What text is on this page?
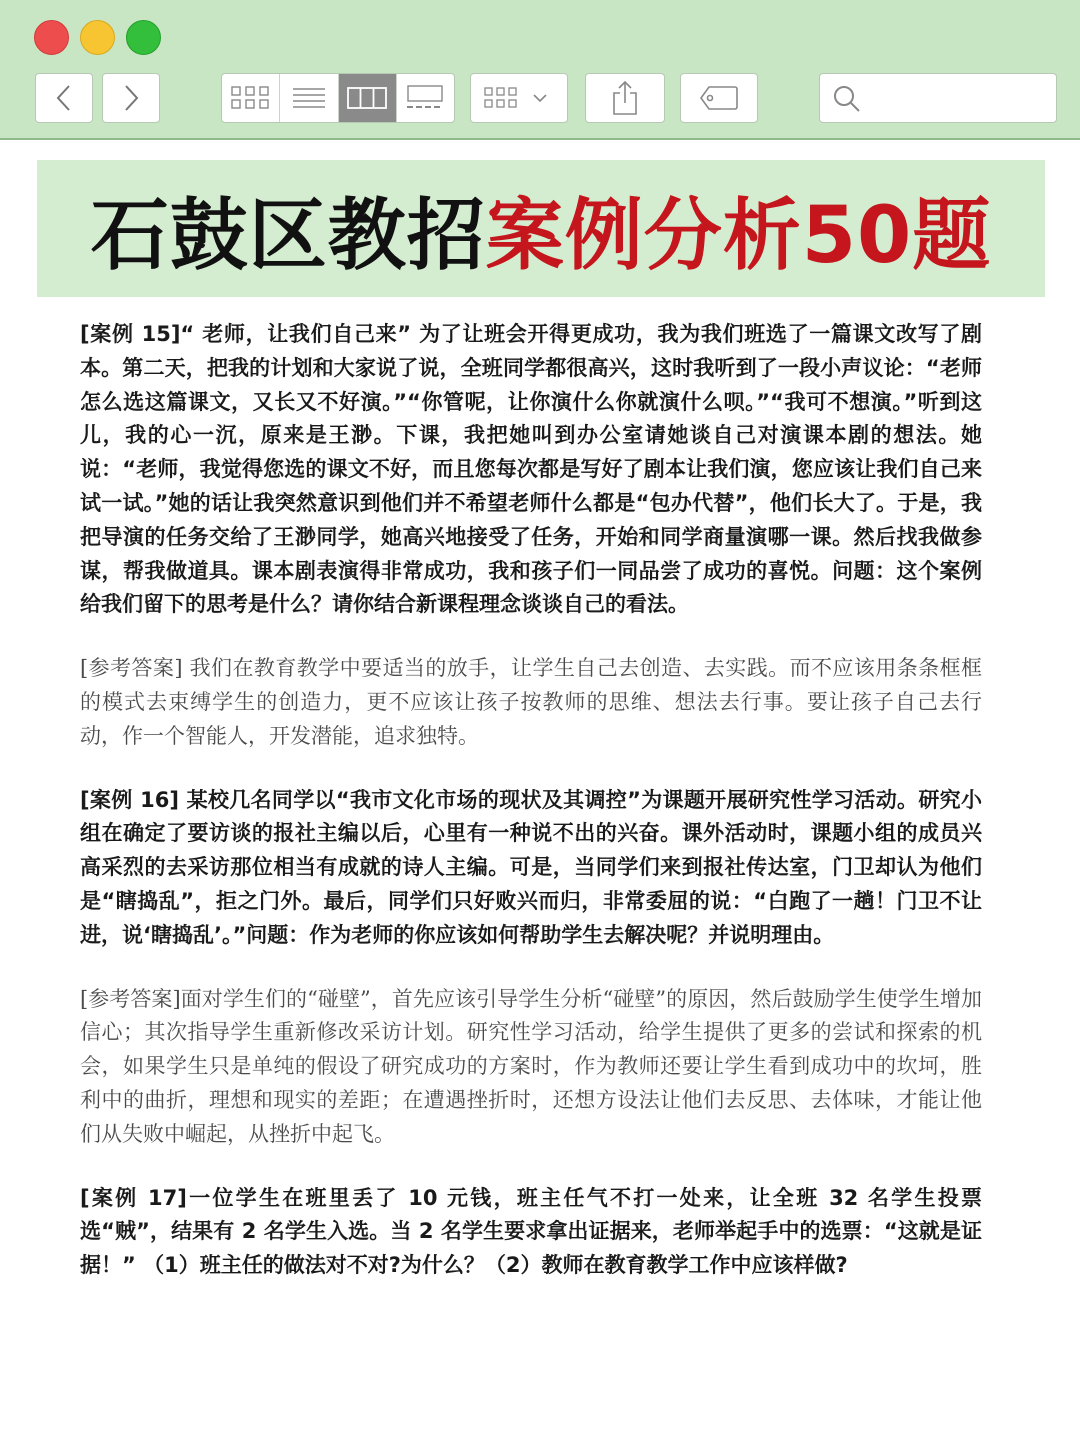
石鼓区教招案例分析50题

[案例 15]“ 老师，让我们自己来” 为了让班会开得更成功，我为我们班选了一篇课文改写了剧本。第二天，把我的计划和大家说了说，全班同学都很高兴，这时我听到了一段小声议论：“老师怎么选这篇课文，又长又不好演。”“你管呢，让你演什么你就演什么呗。”“我可不想演。”听到这儿，我的心一沉，原来是王渺。下课，我把她叫到办公室请她谈自己对演课本剧的想法。她说：“老师，我觉得您选的课文不好，而且您每次都是写好了剧本让我们演，您应该让我们自己来试一试。”她的话让我突然意识到他们并不希望老师什么都是“包办代替”，他们长大了。于是，我把导演的任务交给了王渺同学，她高兴地接受了任务，开始和同学商量演哪一课。然后找我做参谋，帮我做道具。课本剧表演得非常成功，我和孩子们一同品尝了成功的喜悦。问题：这个案例给我们留下的思考是什么？请你结合新课程理念谈谈自己的看法。

[参考答案] 我们在教育教学中要适当的放手，让学生自己去创造、去实践。而不应该用条条框框的模式去束缚学生的创造力，更不应该让孩子按教师的思维、想法去行事。要让孩子自己去行动，作一个智能人，开发潜能，追求独特。

[案例 16] 某校几名同学以“我市文化市场的现状及其调控”为课题开展研究性学习活动。研究小组在确定了要访谈的报社主编以后，心里有一种说不出的兴奋。课外活动时，课题小组的成员兴高采烈的去采访那位相当有成就的诗人主编。可是，当同学们来到报社传达室，门卫却认为他们是“瞎捣乱”，拒之门外。最后，同学们只好败兴而归，非常委屈的说：“白跑了一趟！门卫不让进，说‘瞎捣乱’。”问题：作为老师的你应该如何帮助学生去解决呢？并说明理由。

[参考答案]面对学生们的“碰壁”，首先应该引导学生分析“碰壁”的原因，然后鼓励学生使学生增加信心；其次指导学生重新修改采访计划。研究性学习活动，给学生提供了更多的尝试和探索的机会，如果学生只是单纯的假设了研究成功的方案时，作为教师还要让学生看到成功中的坎坷，胜利中的曲折，理想和现实的差距；在遭遇挫折时，还想方设法让他们去反思、去体味，才能让他们从失败中崛起，从挫折中起飞。

[案例 17]一位学生在班里丢了 10 元钱，班主任气不打一处来，让全班 32 名学生投票选“贼”，结果有 2 名学生入选。当 2 名学生要求拿出证据来，老师举起手中的选票：“这就是证据！” （1）班主任的做法对不对?为什么？（2）教师在教育教学工作中应该样做?
